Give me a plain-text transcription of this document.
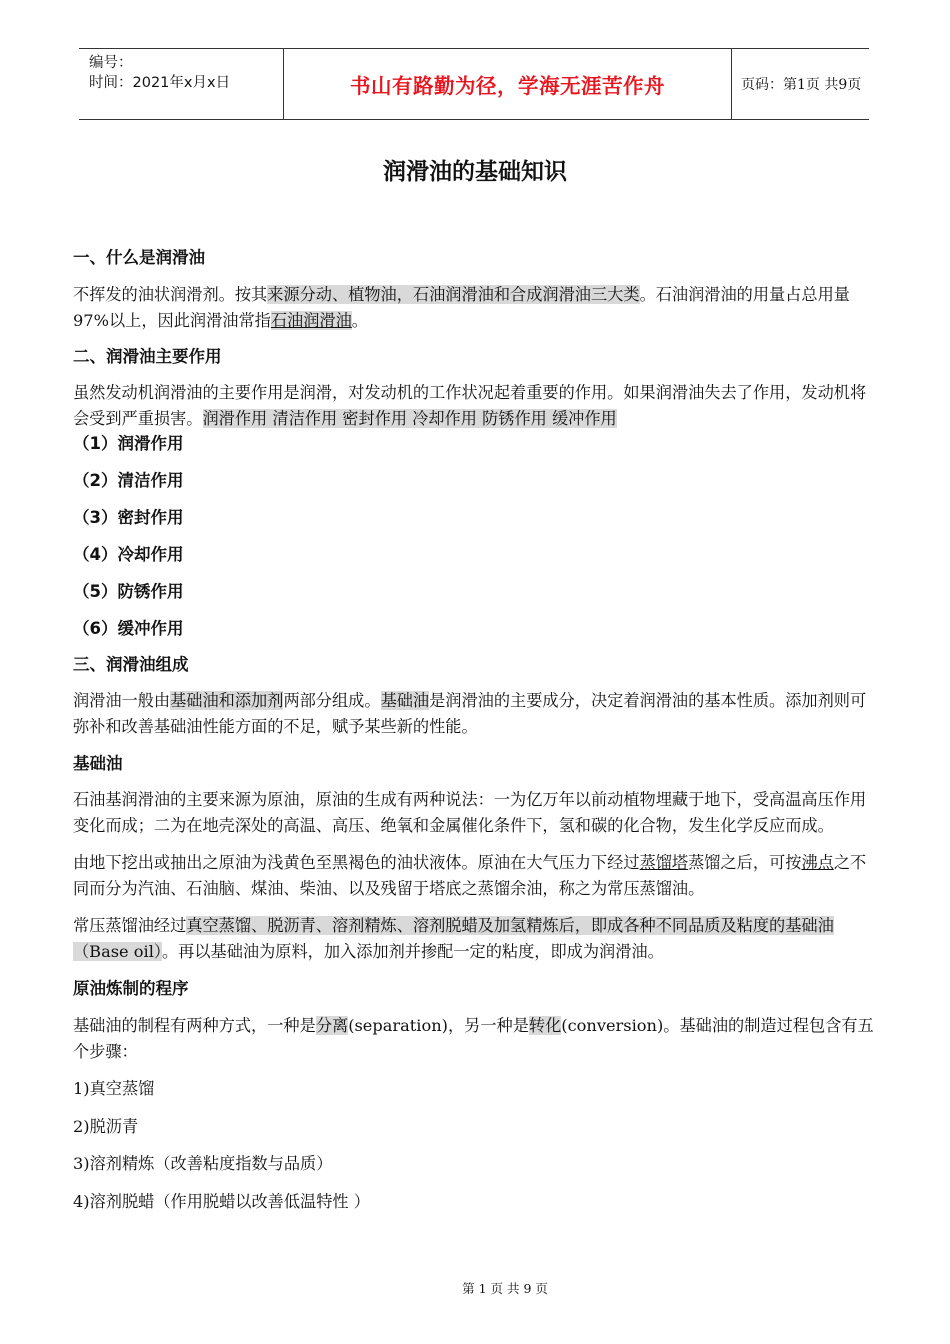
编号：
时间：2021年x月x日	书山有路勤为径，学海无涯苦作舟	页码：第1页 共9页
润滑油的基础知识

一、什么是润滑油

不挥发的油状润滑剂。按其来源分动、植物油，石油润滑油和合成润滑油三大类。石油润滑油的用量占总用量97%以上，因此润滑油常指石油润滑油。

二、润滑油主要作用

虽然发动机润滑油的主要作用是润滑，对发动机的工作状况起着重要的作用。如果润滑油失去了作用，发动机将会受到严重损害。润滑作用 清洁作用 密封作用 冷却作用 防锈作用 缓冲作用

（1）润滑作用

（2）清洁作用

（3）密封作用

（4）冷却作用

（5）防锈作用

（6）缓冲作用

三、润滑油组成

润滑油一般由基础油和添加剂两部分组成。基础油是润滑油的主要成分，决定着润滑油的基本性质。添加剂则可弥补和改善基础油性能方面的不足，赋予某些新的性能。

基础油

石油基润滑油的主要来源为原油，原油的生成有两种说法：一为亿万年以前动植物埋藏于地下，受高温高压作用变化而成；二为在地壳深处的高温、高压、绝氧和金属催化条件下，氢和碳的化合物，发生化学反应而成。

由地下挖出或抽出之原油为浅黄色至黑褐色的油状液体。原油在大气压力下经过蒸馏塔蒸馏之后，可按沸点之不同而分为汽油、石油脑、煤油、柴油、以及残留于塔底之蒸馏余油，称之为常压蒸馏油。

常压蒸馏油经过真空蒸馏、脱沥青、溶剂精炼、溶剂脱蜡及加氢精炼后，即成各种不同品质及粘度的基础油（Base oil）。再以基础油为原料，加入添加剂并掺配一定的粘度，即成为润滑油。

原油炼制的程序

基础油的制程有两种方式，一种是分离(separation)，另一种是转化(conversion)。基础油的制造过程包含有五个步骤：

1)真空蒸馏

2)脱沥青

3)溶剂精炼（改善粘度指数与品质）

4)溶剂脱蜡（作用脱蜡以改善低温特性 ）

第 1 页 共 9 页
